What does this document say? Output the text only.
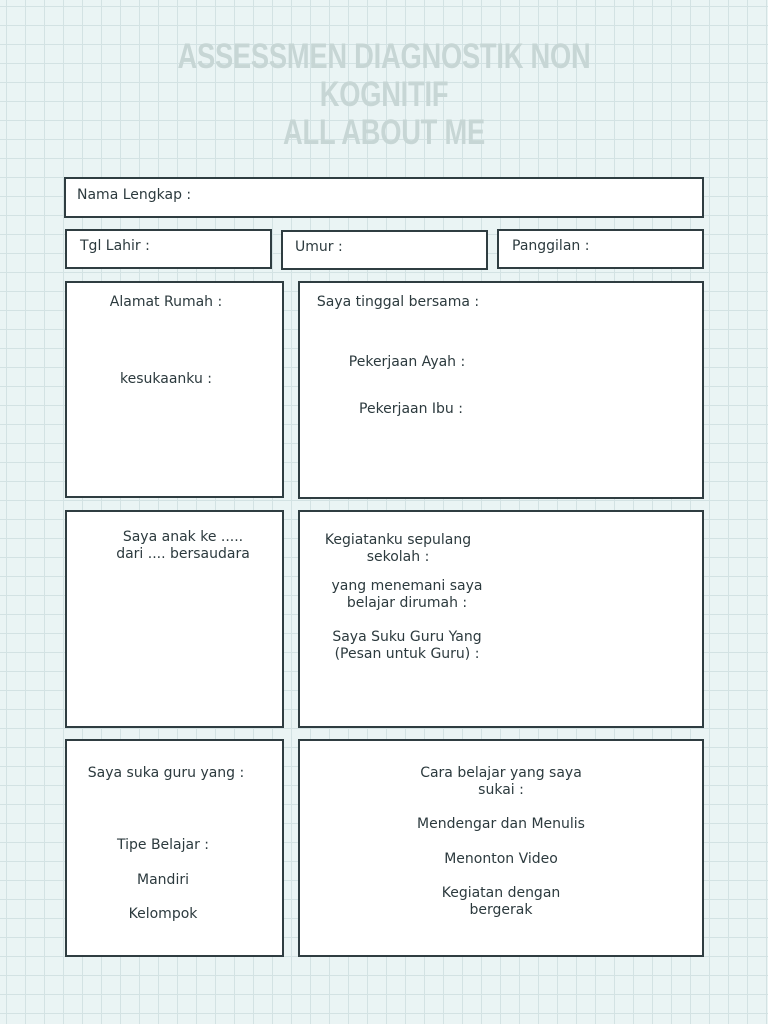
ASSESSMEN DIAGNOSTIK NON
KOGNITIF
ALL ABOUT ME
Nama Lengkap :
Tgl Lahir :	Umur :	Panggilan :
Alamat Rumah :
kesukaanku :
Saya tinggal bersama :
Pekerjaan Ayah :
Pekerjaan Ibu :
Saya anak ke .....
dari .... bersaudara
Kegiatanku sepulang
sekolah :
yang menemani saya
belajar dirumah :
Saya Suku Guru Yang
(Pesan untuk Guru) :
Saya suka guru yang :
Tipe Belajar :
Mandiri
Kelompok
Cara belajar yang saya
sukai :
Mendengar dan Menulis
Menonton Video
Kegiatan dengan
bergerak
